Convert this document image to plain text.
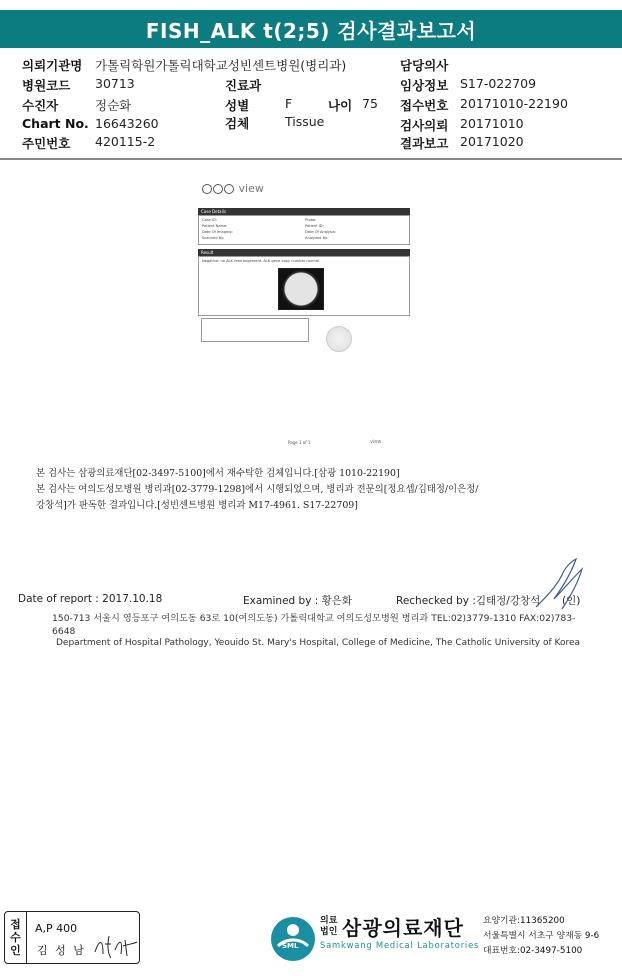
FISH_ALK t(2;5) 검사결과보고서
의뢰기관명 가톨릭학원가톨릭대학교성빈센트병원(병리과)	담당의사
병원코드 30713	진료과	임상정보 S17-022709
수진자	정순화	성별	F	나이 75 접수번호 20171010-22190
Chart No. 16643260	검체	Tissue	검사의뢰 20171010
주민번호 420115-2	결과보고 20171020
view
Case Details
Case ID:	Probe:
Patient Name:	Patient ID:
Date Of Imaging:	Date Of Analysis:
Scanned By:	Analyzed By:
Result
Negative: no ALK rearrangement. ALK gene copy number normal
Page 1 of 1	view
본 검사는 삼광의료재단[02-3497-5100]에서 재수탁한 검체입니다.[삼광 1010-22190]
본 검사는 여의도성모병원 병리과[02-3779-1298]에서 시행되었으며, 병리과 전문의[정요셉/김태정/이은정/
강창석]가 판독한 결과입니다.[성빈센트병원 병리과 M17-4961. S17-22709]
Date of report : 2017.10.18	Examined by : 황은화	Rechecked by :김태정/강창석 (인)
150-713 서울시 영등포구 여의도동 63로 10(여의도동) 가톨릭대학교 여의도성모병원 병리과 TEL:02)3779-1310 FAX:02)783-6648
Department of Hospital Pathology, Yeouido St. Mary's Hospital, College of Medicine, The Catholic University of Korea
접
수
인
A,P 400
김 성 남	SML
의료
법인 삼광의료재단
Samkwang Medical Laboratories
요양기관:11365200
서울특별시 서초구 양재동 9-6
대표번호:02-3497-5100
